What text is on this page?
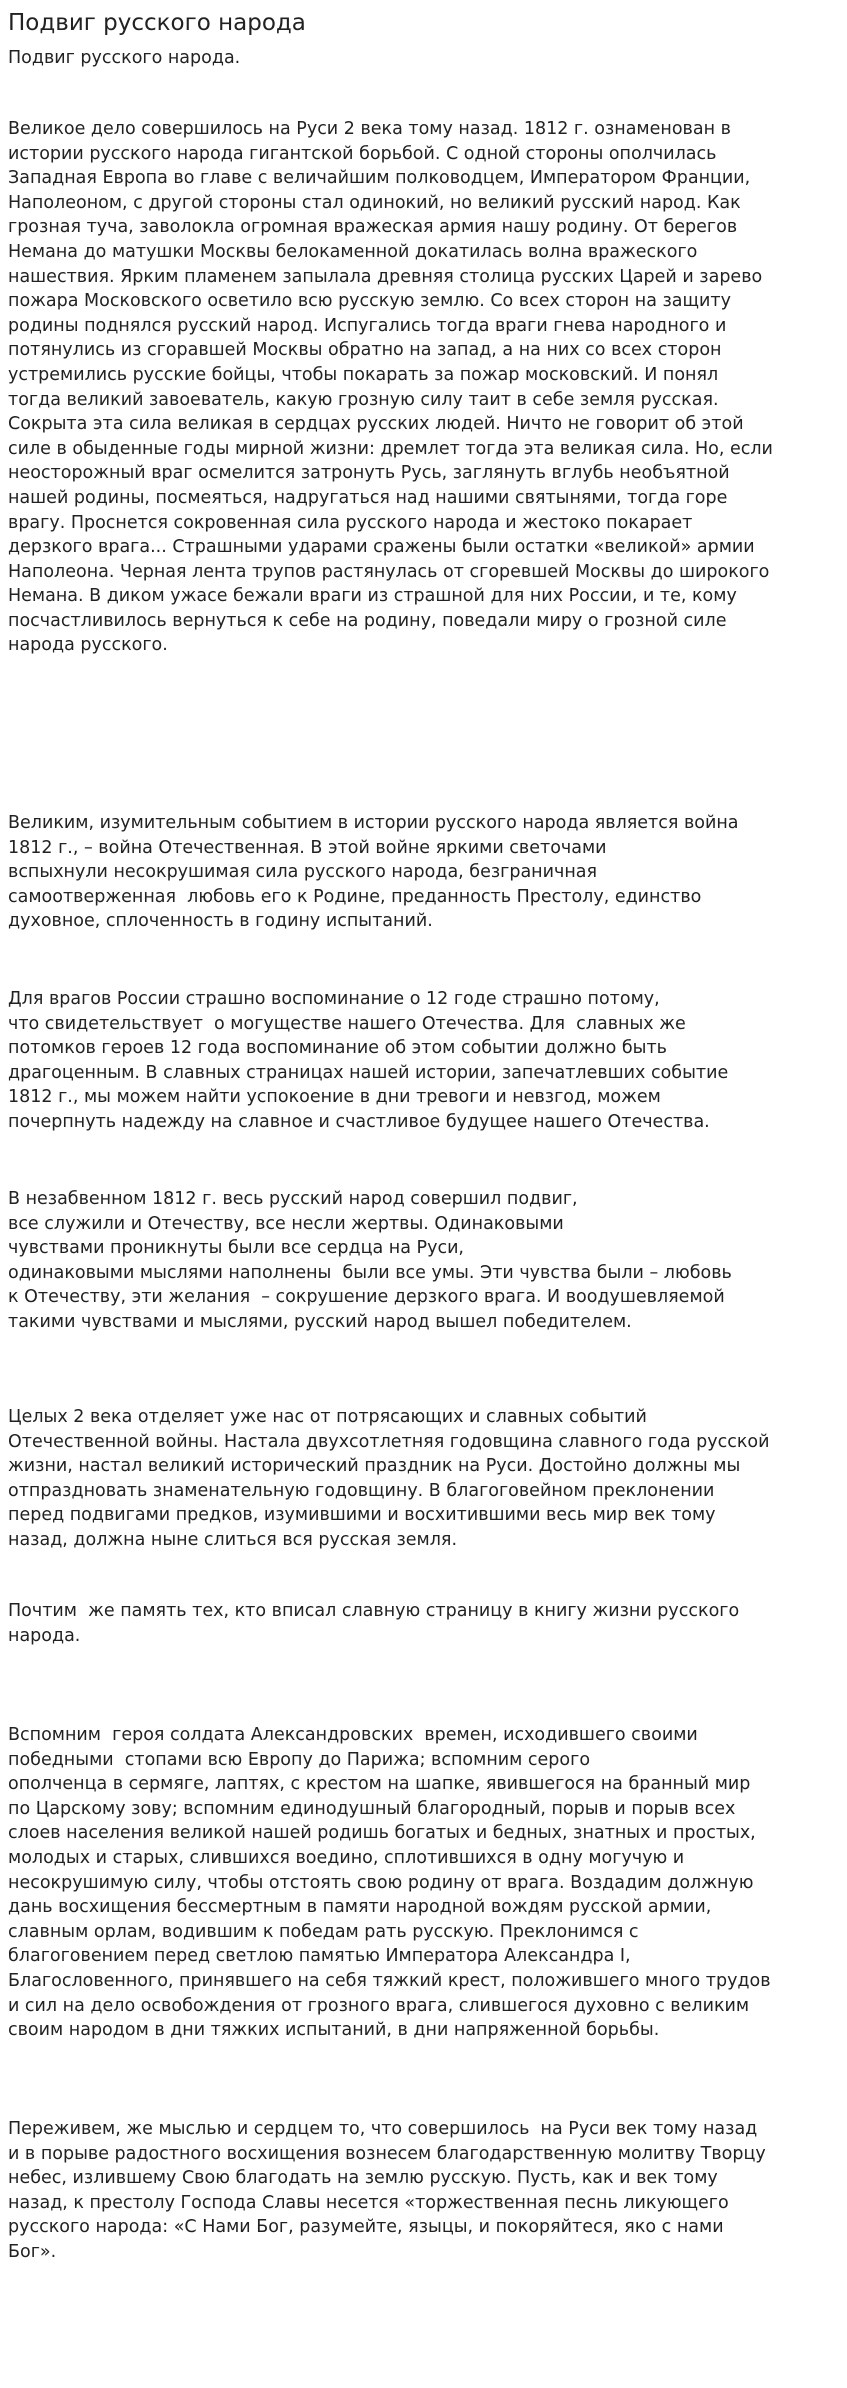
Подвиг русского народа

Подвиг русского народа.

Великое дело совершилось на Руси 2 века тому назад. 1812 г. ознаменован в
истории русского народа гигантской борьбой. С одной стороны ополчилась
Западная Европа во главе с величайшим полководцем, Императором Франции,
Наполеоном, с другой стороны стал одинокий, но великий русский народ. Как
грозная туча, заволокла огромная вражеская армия нашу родину. От берегов
Немана до матушки Москвы белокаменной докатилась волна вражеского
нашествия. Ярким пламенем запылала древняя столица русских Царей и зарево
пожара Московского осветило всю русскую землю. Со всех сторон на защиту
родины поднялся русский народ. Испугались тогда враги гнева народного и
потянулись из сгоравшей Москвы обратно на запад, а на них со всех сторон
устремились русские бойцы, чтобы покарать за пожар московский. И понял
тогда великий завоеватель, какую грозную силу таит в себе земля русская.
Сокрыта эта сила великая в сердцах русских людей. Ничто не говорит об этой
силе в обыденные годы мирной жизни: дремлет тогда эта великая сила. Но, если
неосторожный враг осмелится затронуть Русь, заглянуть вглубь необъятной
нашей родины, посмеяться, надругаться над нашими святынями, тогда горе
врагу. Проснется сокровенная сила русского народа и жестоко покарает
дерзкого врага... Страшными ударами сражены были остатки «великой» армии
Наполеона. Черная лента трупов растянулась от сгоревшей Москвы до широкого
Немана. В диком ужасе бежали враги из страшной для них России, и те, кому
посчастливилось вернуться к себе на родину, поведали миру о грозной силе
народа русского.
Великим, изумительным событием в истории русского народа является война
1812 г., – война Отечественная. В этой войне яркими светочами
вспыхнули несокрушимая сила русского народа, безграничная
самоотверженная  любовь его к Родине, преданность Престолу, единство
духовное, сплоченность в годину испытаний.
Для врагов России страшно воспоминание о 12 годе страшно потому,
что свидетельствует  о могуществе нашего Отечества. Для  славных же
потомков героев 12 года воспоминание об этом событии должно быть
драгоценным. В славных страницах нашей истории, запечатлевших событие
1812 г., мы можем найти успокоение в дни тревоги и невзгод, можем
почерпнуть надежду на славное и счастливое будущее нашего Отечества.
В незабвенном 1812 г. весь русский народ совершил подвиг,
все служили и Отечеству, все несли жертвы. Одинаковыми
чувствами проникнуты были все сердца на Руси,
одинаковыми мыслями наполнены  были все умы. Эти чувства были – любовь
к Отечеству, эти желания  – сокрушение дерзкого врага. И воодушевляемой
такими чувствами и мыслями, русский народ вышел победителем.
Целых 2 века отделяет уже нас от потрясающих и славных событий
Отечественной войны. Настала двухсотлетняя годовщина славного года русской
жизни, настал великий исторический праздник на Руси. Достойно должны мы
отпраздновать знаменательную годовщину. В благоговейном преклонении
перед подвигами предков, изумившими и восхитившими весь мир век тому
назад, должна ныне слиться вся русская земля.
Почтим  же память тех, кто вписал славную страницу в книгу жизни русского
народа.
Вспомним  героя солдата Александровских  времен, исходившего своими
победными  стопами всю Европу до Парижа; вспомним серого
ополченца в сермяге, лаптях, с крестом на шапке, явившегося на бранный мир
по Царскому зову; вспомним единодушный благородный, порыв и порыв всех
слоев населения великой нашей родишь богатых и бедных, знатных и простых,
молодых и старых, слившихся воедино, сплотившихся в одну могучую и
несокрушимую силу, чтобы отстоять свою родину от врага. Воздадим должную
дань восхищения бессмертным в памяти народной вождям русской армии,
славным орлам, водившим к победам рать русскую. Преклонимся с
благоговением перед светлою памятью Императора Александра I,
Благословенного, принявшего на себя тяжкий крест, положившего много трудов
и сил на дело освобождения от грозного врага, слившегося духовно с великим
своим народом в дни тяжких испытаний, в дни напряженной борьбы.
Переживем, же мыслью и сердцем то, что совершилось  на Руси век тому назад
и в порыве радостного восхищения вознесем благодарственную молитву Творцу
небес, излившему Свою благодать на землю русскую. Пусть, как и век тому
назад, к престолу Господа Славы несется «торжественная песнь ликующего
русского народа: «С Нами Бог, разумейте, языцы, и покоряйтеся, яко с нами
Бог».
